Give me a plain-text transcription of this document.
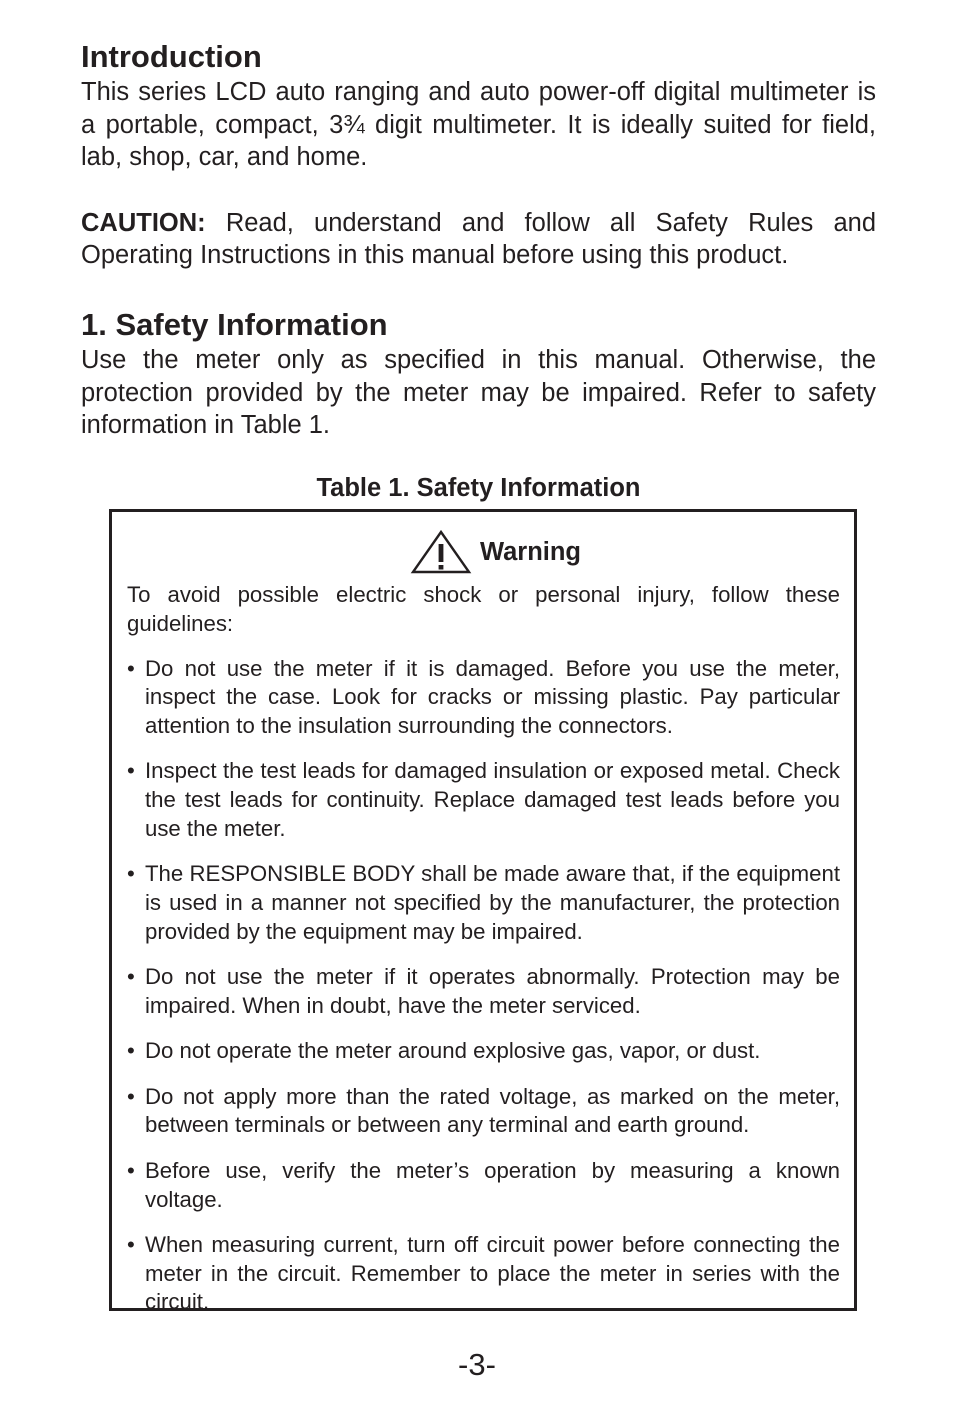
Introduction

This series LCD auto ranging and auto power-off digital multimeter is a portable, compact, 3¾ digit multimeter. It is ideally suited for field, lab, shop, car, and home.

CAUTION: Read, understand and follow all Safety Rules and Operating Instructions in this manual before using this product.

1. Safety Information

Use the meter only as specified in this manual. Otherwise, the protection provided by the meter may be impaired. Refer to safety information in Table 1.

Table 1. Safety Information

Warning

To avoid possible electric shock or personal injury, follow these guidelines:

• Do not use the meter if it is damaged. Before you use the meter, inspect the case. Look for cracks or missing plastic. Pay particular attention to the insulation surrounding the connectors.
• Inspect the test leads for damaged insulation or exposed metal. Check the test leads for continuity. Replace damaged test leads before you use the meter.
• The RESPONSIBLE BODY shall be made aware that, if the equipment is used in a manner not specified by the manufacturer, the protection provided by the equipment may be impaired.
• Do not use the meter if it operates abnormally. Protection may be impaired. When in doubt, have the meter serviced.
• Do not operate the meter around explosive gas, vapor, or dust.
• Do not apply more than the rated voltage, as marked on the meter, between terminals or between any terminal and earth ground.
• Before use, verify the meter’s operation by measuring a known voltage.
• When measuring current, turn off circuit power before connecting the meter in the circuit. Remember to place the meter in series with the circuit.
-3-
